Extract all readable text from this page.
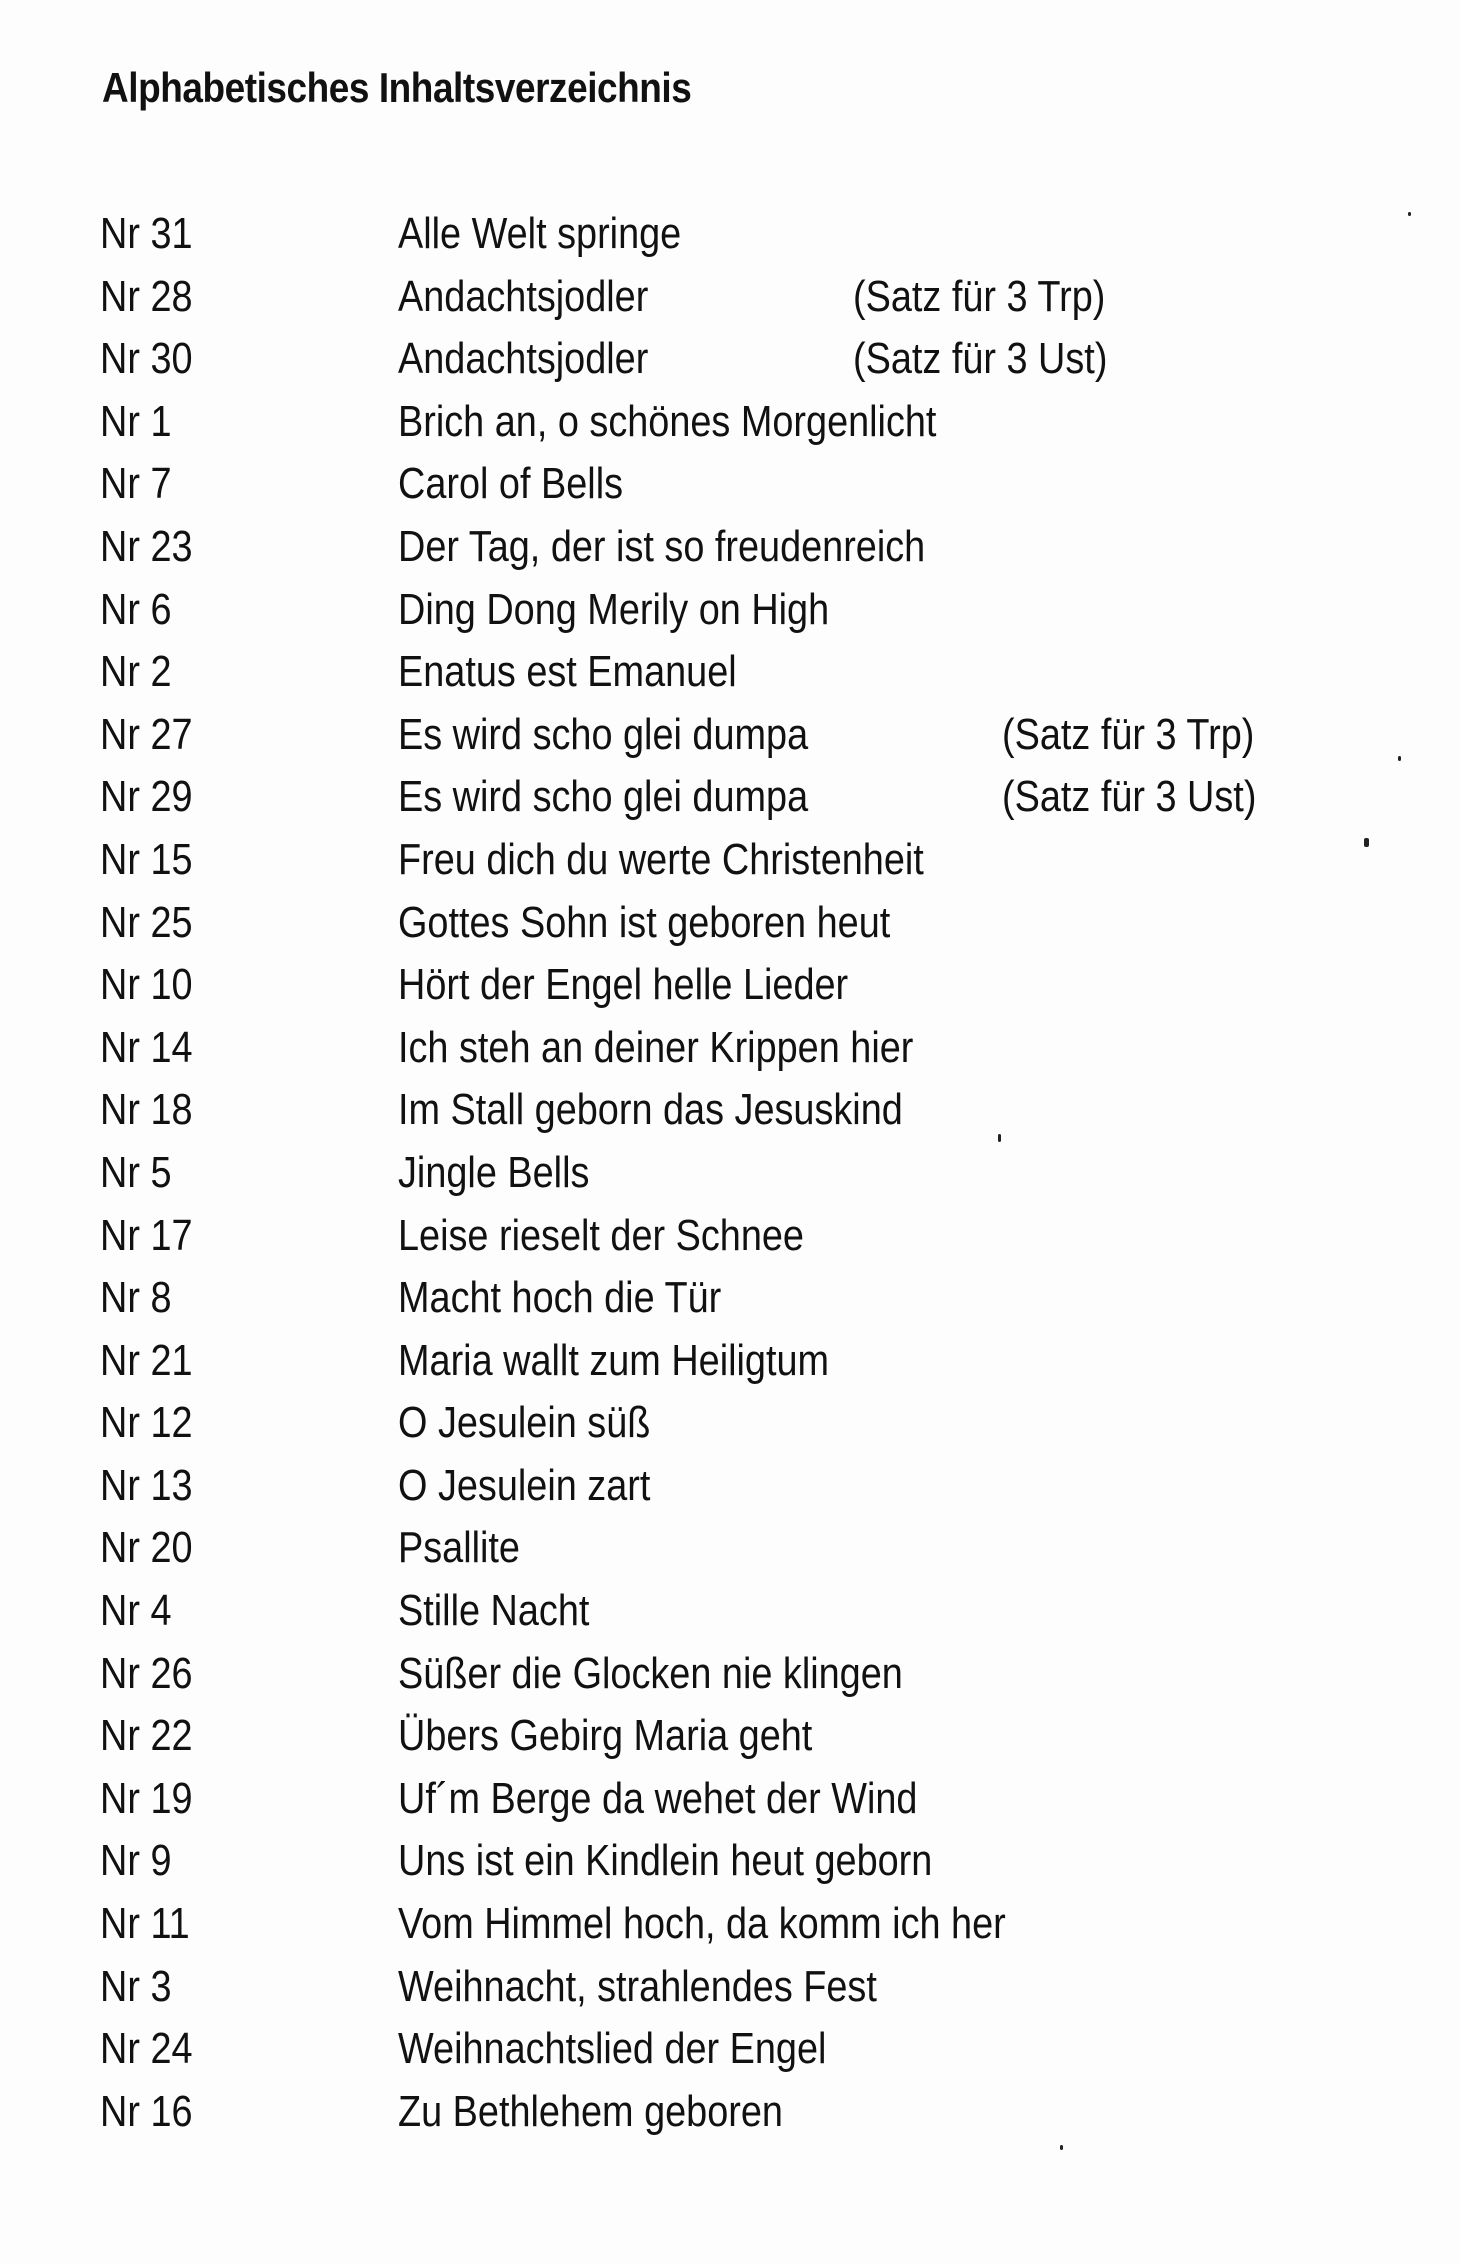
Alphabetisches Inhaltsverzeichnis
Nr 31	Alle Welt springe
Nr 28	Andachtsjodler	(Satz für 3 Trp)
Nr 30	Andachtsjodler	(Satz für 3 Ust)
Nr 1	Brich an, o schönes Morgenlicht
Nr 7	Carol of Bells
Nr 23	Der Tag, der ist so freudenreich
Nr 6	Ding Dong Merily on High
Nr 2	Enatus est Emanuel
Nr 27	Es wird scho glei dumpa	(Satz für 3 Trp)
Nr 29	Es wird scho glei dumpa	(Satz für 3 Ust)
Nr 15	Freu dich du werte Christenheit
Nr 25	Gottes Sohn ist geboren heut
Nr 10	Hört der Engel helle Lieder
Nr 14	Ich steh an deiner Krippen hier
Nr 18	Im Stall geborn das Jesuskind
Nr 5	Jingle Bells
Nr 17	Leise rieselt der Schnee
Nr 8	Macht hoch die Tür
Nr 21	Maria wallt zum Heiligtum
Nr 12	O Jesulein süß
Nr 13	O Jesulein zart
Nr 20	Psallite
Nr 4	Stille Nacht
Nr 26	Süßer die Glocken nie klingen
Nr 22	Übers Gebirg Maria geht
Nr 19	Uf´m Berge da wehet der Wind
Nr 9	Uns ist ein Kindlein heut geborn
Nr 11	Vom Himmel hoch, da komm ich her
Nr 3	Weihnacht, strahlendes Fest
Nr 24	Weihnachtslied der Engel
Nr 16	Zu Bethlehem geboren
